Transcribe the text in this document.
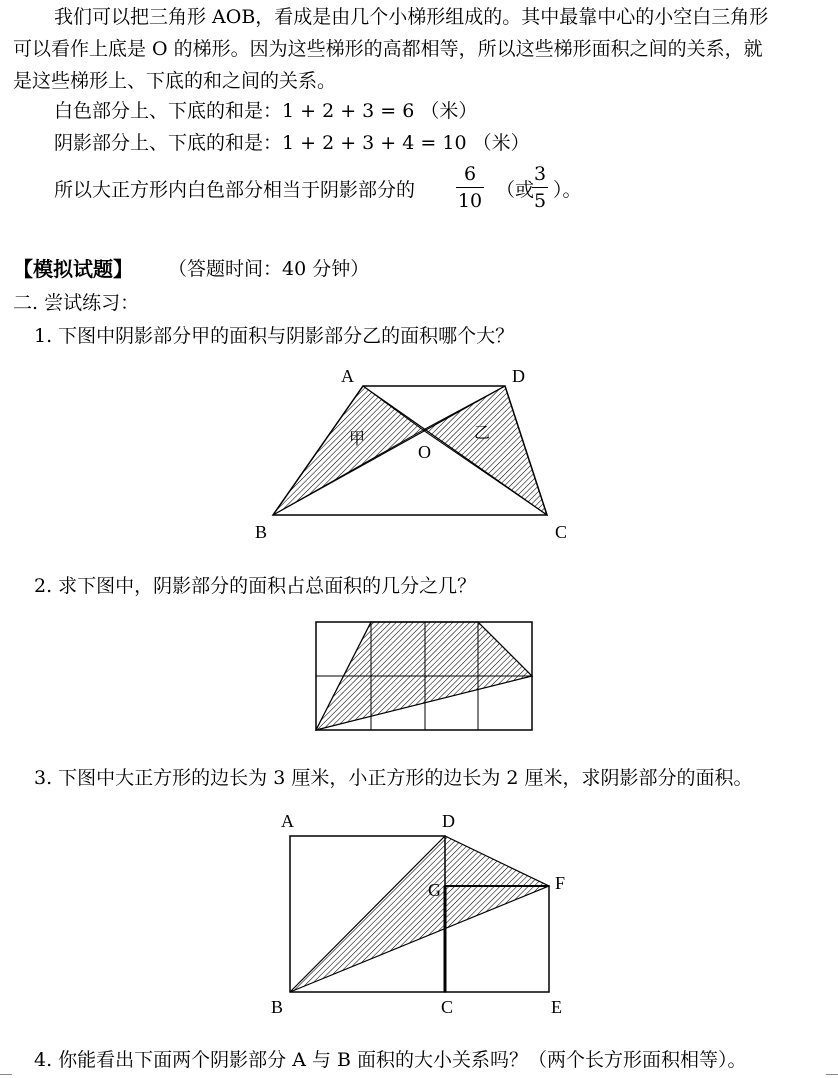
我们可以把三角形 AOB，看成是由几个小梯形组成的。其中最靠中心的小空白三角形
可以看作上底是 O 的梯形。因为这些梯形的高都相等，所以这些梯形面积之间的关系，就
是这些梯形上、下底的和之间的关系。
白色部分上、下底的和是：1 + 2 + 3 = 6 （米）
阴影部分上、下底的和是：1 + 2 + 3 + 4 = 10 （米）
所以大正方形内白色部分相当于阴影部分的
6
10 （或
3
5 ）。
【模拟试题】 （答题时间：40 分钟）
二. 尝试练习：
1. 下图中阴影部分甲的面积与阴影部分乙的面积哪个大？
2. 求下图中，阴影部分的面积占总面积的几分之几？
3. 下图中大正方形的边长为 3 厘米，小正方形的边长为 2 厘米，求阴影部分的面积。
4. 你能看出下面两个阴影部分 A 与 B 面积的大小关系吗？（两个长方形面积相等）。
A	D
B	C
O
甲	乙
A	D
G	F
B	C	E
